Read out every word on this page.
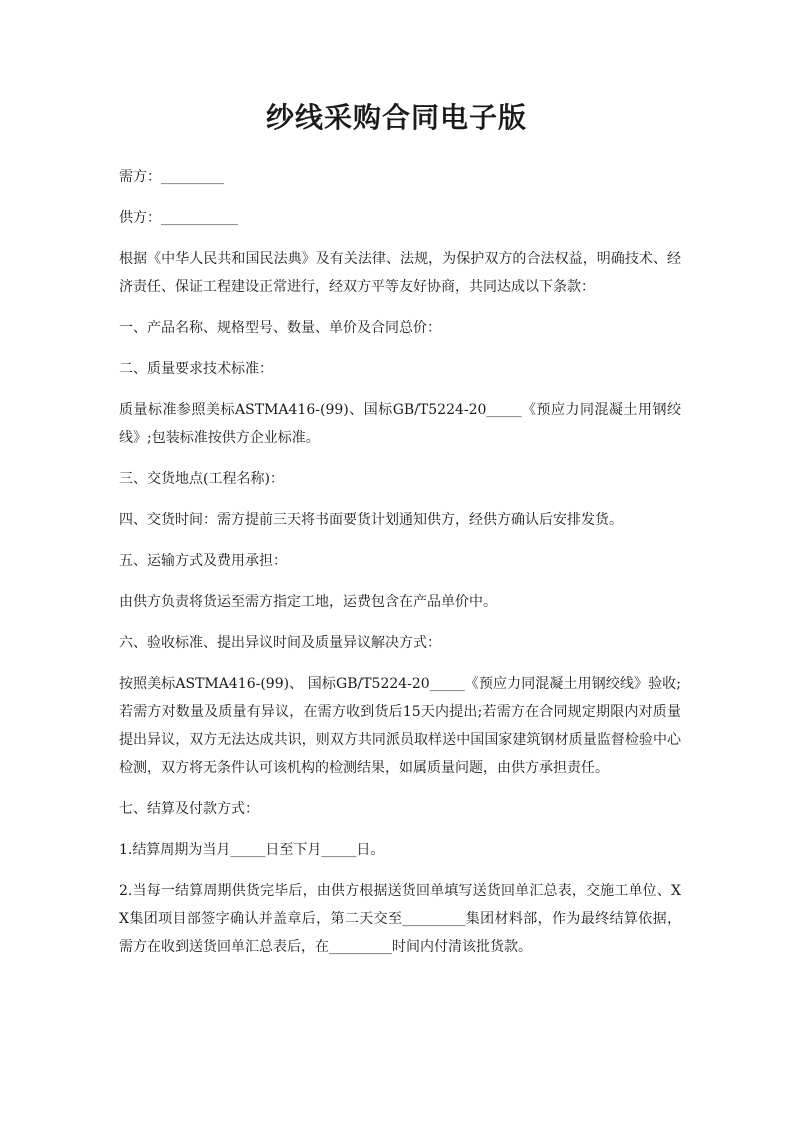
纱线采购合同电子版

需方：_________

供方：___________

根据《中华人民共和国民法典》及有关法律、法规，为保护双方的合法权益，明确技术、经济责任、保证工程建设正常进行，经双方平等友好协商，共同达成以下条款：

一、产品名称、规格型号、数量、单价及合同总价：

二、质量要求技术标准：

质量标准参照美标ASTMA416-(99)、国标GB/T5224-20_____《预应力同混凝土用钢绞线》;包装标准按供方企业标准。

三、交货地点(工程名称)：

四、交货时间：需方提前三天将书面要货计划通知供方，经供方确认后安排发货。

五、运输方式及费用承担：

由供方负责将货运至需方指定工地，运费包含在产品单价中。

六、验收标准、提出异议时间及质量异议解决方式：

按照美标ASTMA416-(99)、 国标GB/T5224-20_____《预应力同混凝土用钢绞线》验收;若需方对数量及质量有异议，在需方收到货后15天内提出;若需方在合同规定期限内对质量提出异议，双方无法达成共识，则双方共同派员取样送中国国家建筑钢材质量监督检验中心检测，双方将无条件认可该机构的检测结果，如属质量问题，由供方承担责任。

七、结算及付款方式：

1.结算周期为当月_____日至下月_____日。

2.当每一结算周期供货完毕后，由供方根据送货回单填写送货回单汇总表，交施工单位、XX集团项目部签字确认并盖章后，第二天交至_________集团材料部，作为最终结算依据，需方在收到送货回单汇总表后，在_________时间内付清该批货款。
